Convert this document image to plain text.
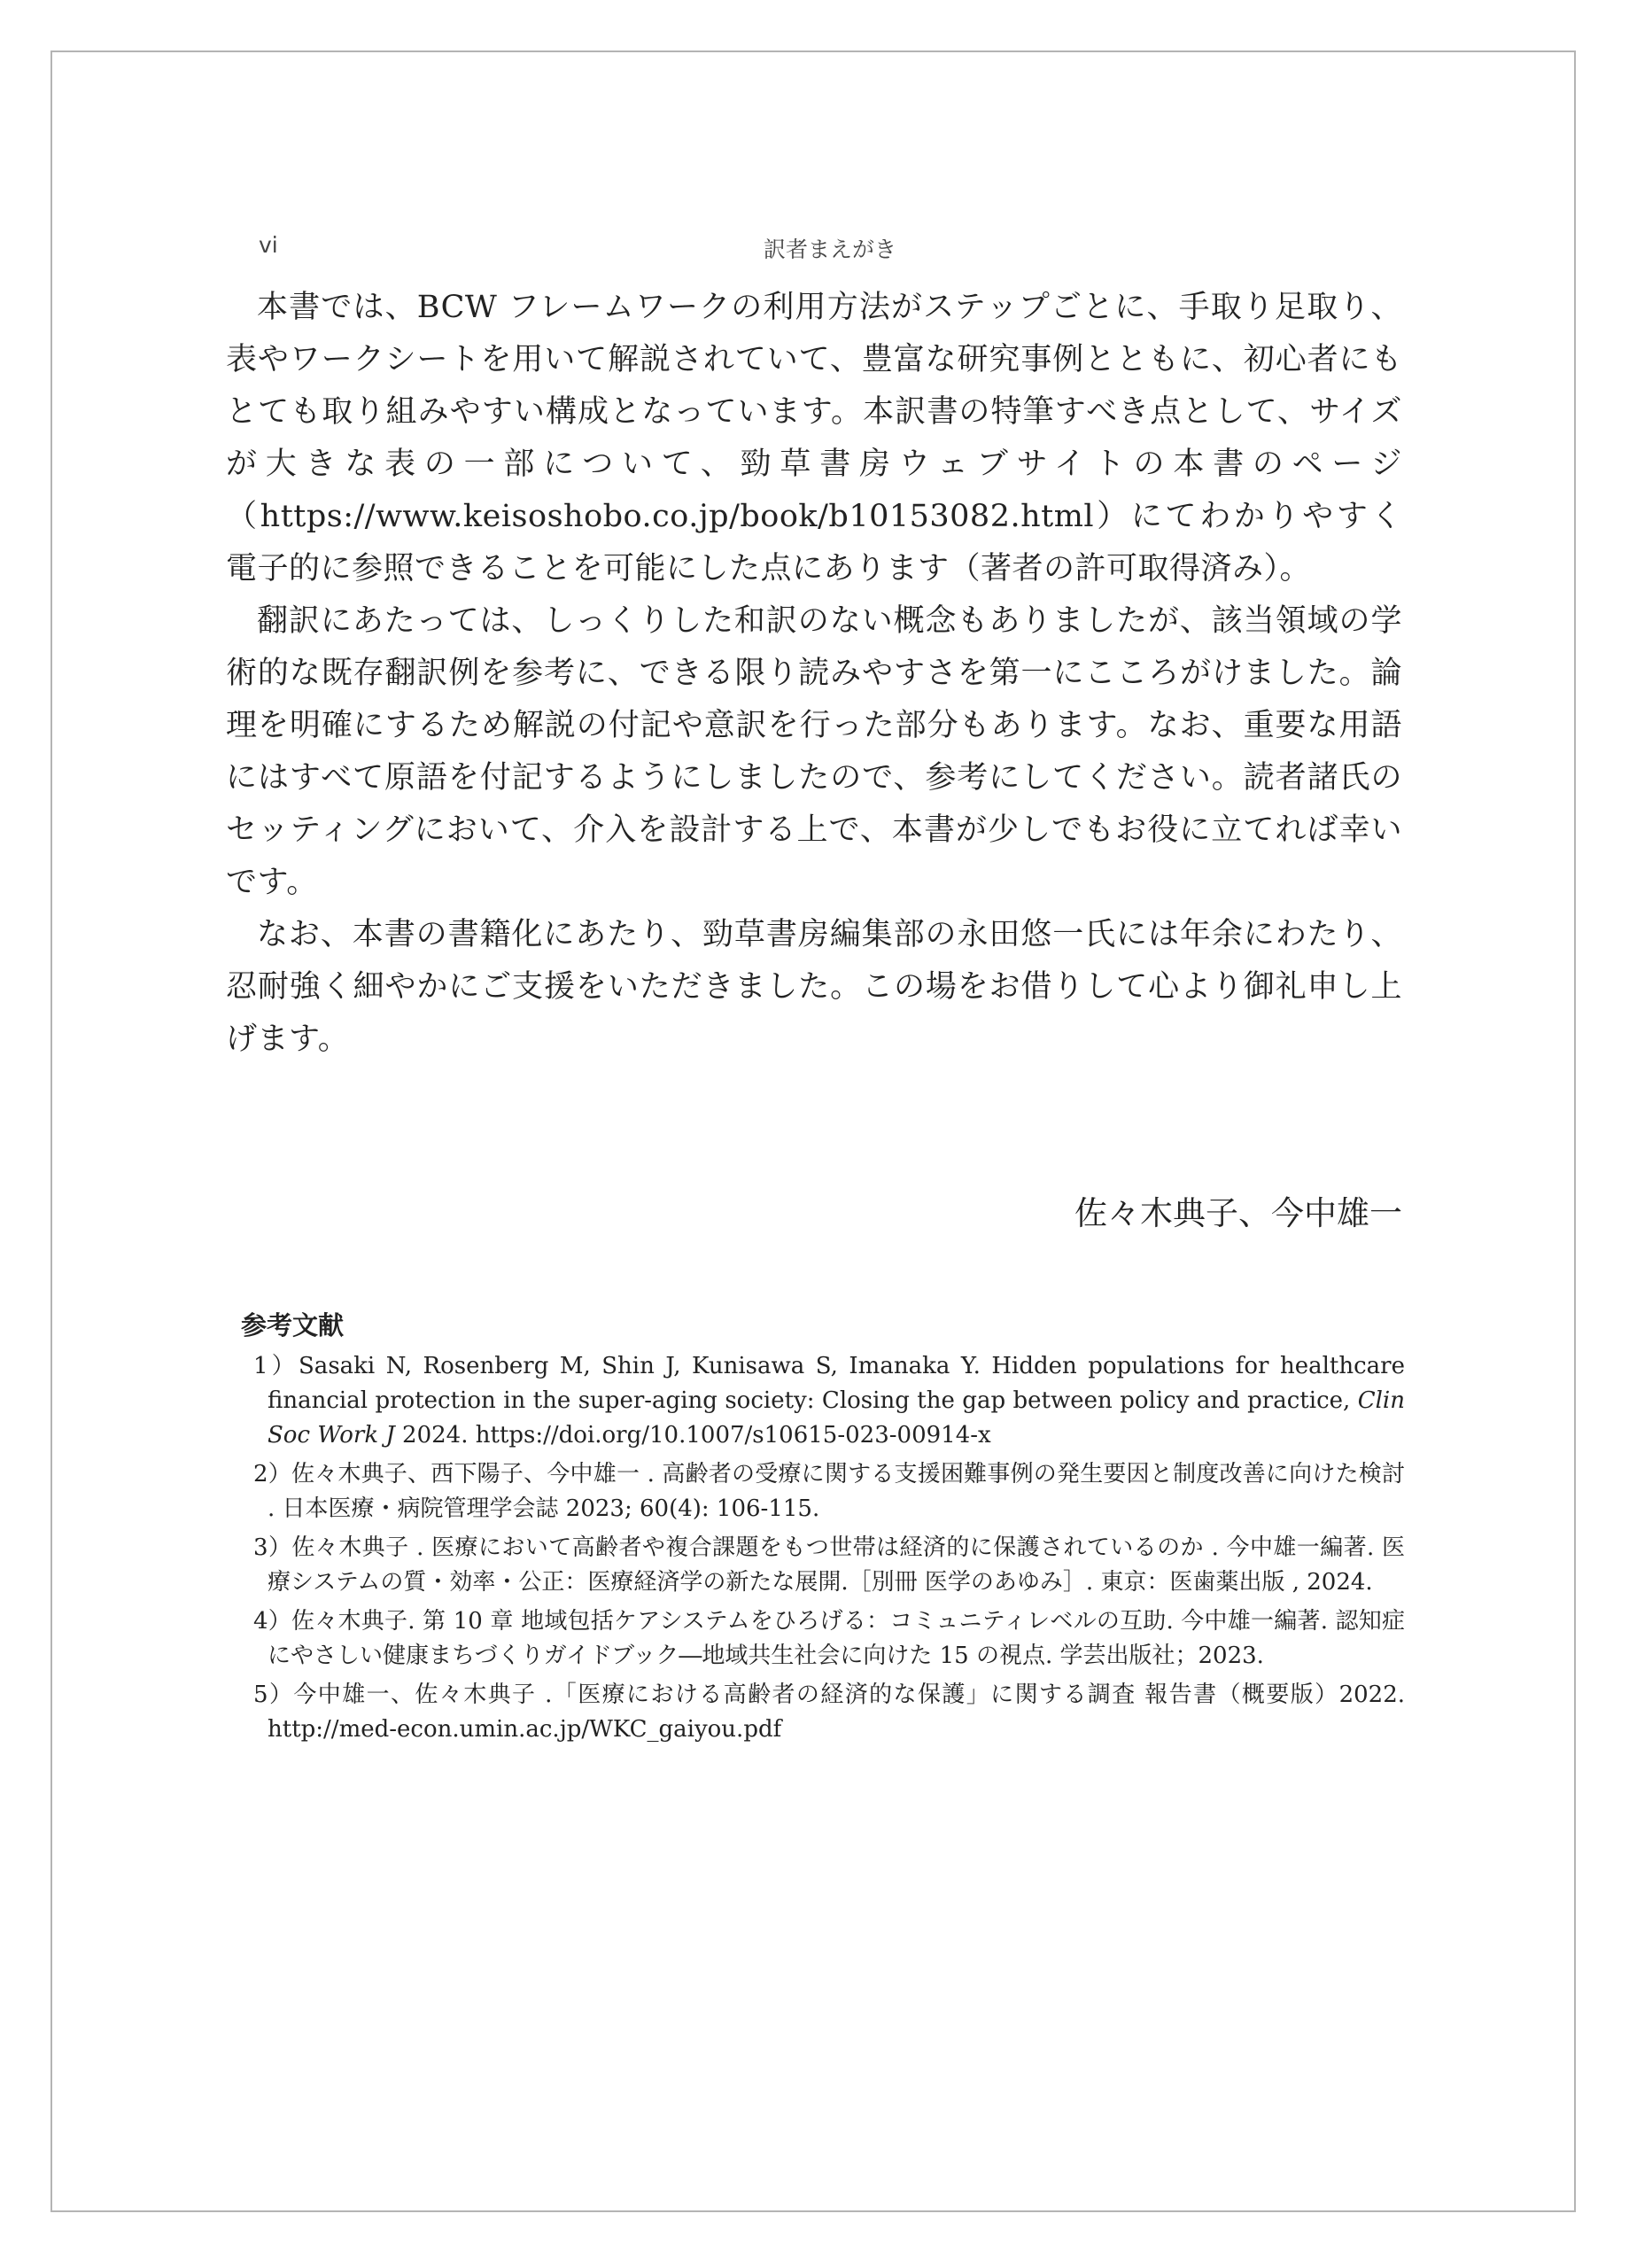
vi	訳者まえがき

本書では、BCW フレームワークの利用方法がステップごとに、手取り足取り、表やワークシートを用いて解説されていて、豊富な研究事例とともに、初心者にもとても取り組みやすい構成となっています。本訳書の特筆すべき点として、サイズが大きな表の一部について、勁草書房ウェブサイトの本書のページ（https://www.keisoshobo.co.jp/book/b10153082.html）にてわかりやすく電子的に参照できることを可能にした点にあります（著者の許可取得済み）。

翻訳にあたっては、しっくりした和訳のない概念もありましたが、該当領域の学術的な既存翻訳例を参考に、できる限り読みやすさを第一にこころがけました。論理を明確にするため解説の付記や意訳を行った部分もあります。なお、重要な用語にはすべて原語を付記するようにしましたので、参考にしてください。読者諸氏のセッティングにおいて、介入を設計する上で、本書が少しでもお役に立てれば幸いです。

なお、本書の書籍化にあたり、勁草書房編集部の永田悠一氏には年余にわたり、忍耐強く細やかにご支援をいただきました。この場をお借りして心より御礼申し上げます。

佐々木典子、今中雄一
参考文献
1）Sasaki N, Rosenberg M, Shin J, Kunisawa S, Imanaka Y. Hidden populations for healthcare financial protection in the super-aging society: Closing the gap between policy and practice, Clin Soc Work J 2024. https://doi.org/10.1007/s10615-023-00914-x
2）佐々木典子、西下陽子、今中雄一 . 高齢者の受療に関する支援困難事例の発生要因と制度改善に向けた検討 . 日本医療・病院管理学会誌 2023; 60(4): 106-115.
3）佐々木典子 . 医療において高齢者や複合課題をもつ世帯は経済的に保護されているのか . 今中雄一編著. 医療システムの質・効率・公正：医療経済学の新たな展開.［別冊 医学のあゆみ］. 東京：医歯薬出版 , 2024.
4）佐々木典子. 第 10 章 地域包括ケアシステムをひろげる：コミュニティレベルの互助. 今中雄一編著. 認知症にやさしい健康まちづくりガイドブック―地域共生社会に向けた 15 の視点. 学芸出版社；2023.
5）今中雄一、佐々木典子 .「医療における高齢者の経済的な保護」に関する調査 報告書（概要版）2022. http://med-econ.umin.ac.jp/WKC_gaiyou.pdf
